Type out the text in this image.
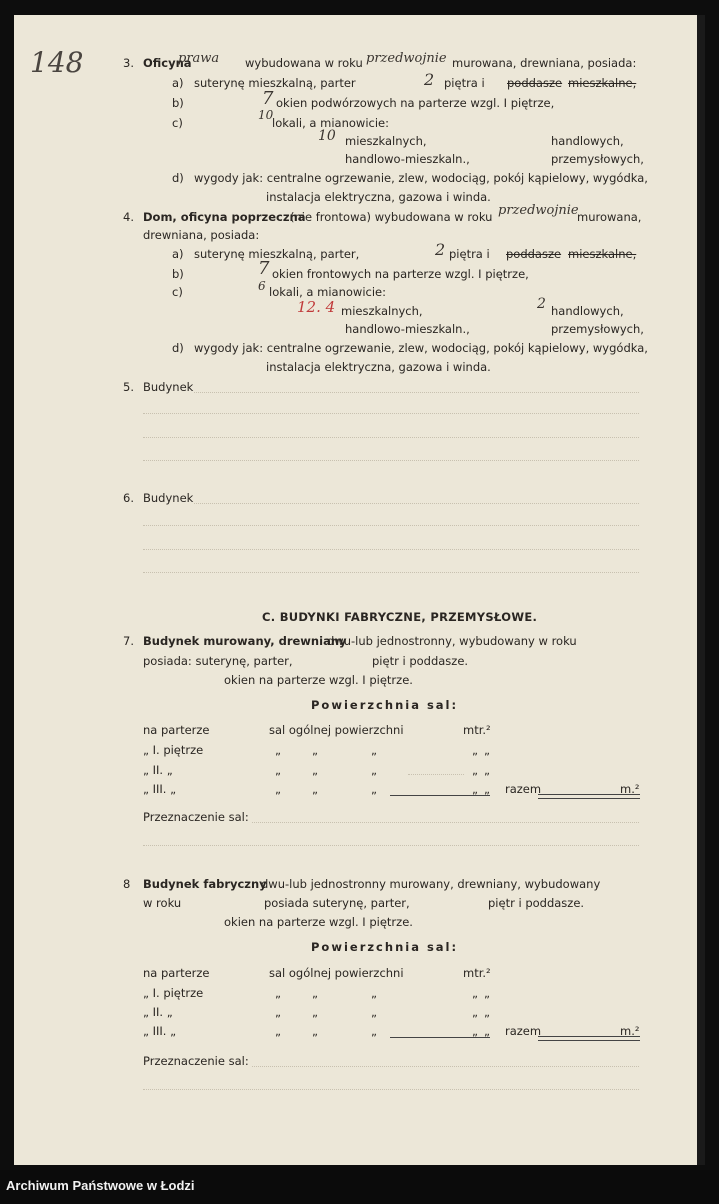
148	3. Oficyna
prawa wybudowana w roku przedwojnie murowana, drewniana, posiada:
a) suterynę mieszkalną, parter	2 piętra i poddasze mieszkalne,
b)	7 okien podwórzowych na parterze wzgl. I piętrze,
c)
10
lokali, a mianowicie:
10 mieszkalnych,	handlowych,
handlowo-mieszkaln.,	przemysłowych,
d) wygody jak: centralne ogrzewanie, zlew, wodociąg, pokój kąpielowy, wygódka,
instalacja elektryczna, gazowa i winda.
4. Dom, oficyna poprzeczna
(nie frontowa) wybudowana w roku przedwojnie
murowana,
drewniana, posiada:
a) suterynę mieszkalną, parter,	2 piętra i poddasze mieszkalne,
b)	7 okien frontowych na parterze wzgl. I piętrze,
c)	6 lokali, a mianowicie:
12. 4 mieszkalnych,	2 handlowych,
handlowo-mieszkaln.,	przemysłowych,
d) wygody jak: centralne ogrzewanie, zlew, wodociąg, pokój kąpielowy, wygódka,
instalacja elektryczna, gazowa i winda.
5. Budynek
6. Budynek
C. BUDYNKI FABRYCZNE, PRZEMYSŁOWE.
7. Budynek murowany, drewniany
dwu-lub jednostronny, wybudowany w roku
posiada: suterynę, parter,	piętr i poddasze.
okien na parterze wzgl. I piętrze.
Powierzchnia sal:
na parterze	sal ogólnej powierzchni	mtr.²
„ I. piętrze	„	„	„	„ „
„ II. „	„	„	„	„ „
„ III. „	„	„	„	„ „ razem	m.²
Przeznaczenie sal:
8 Budynek fabryczny
dwu-lub jednostronny murowany, drewniany, wybudowany
w roku	posiada suterynę, parter,	piętr i poddasze.
okien na parterze wzgl. I piętrze.
Powierzchnia sal:
na parterze	sal ogólnej powierzchni	mtr.²
„ I. piętrze	„	„	„	„ „
„ II. „	„	„	„	„ „
„ III. „	„	„	„	„ „ razem	m.²
Przeznaczenie sal:
Archiwum Państwowe w Łodzi
